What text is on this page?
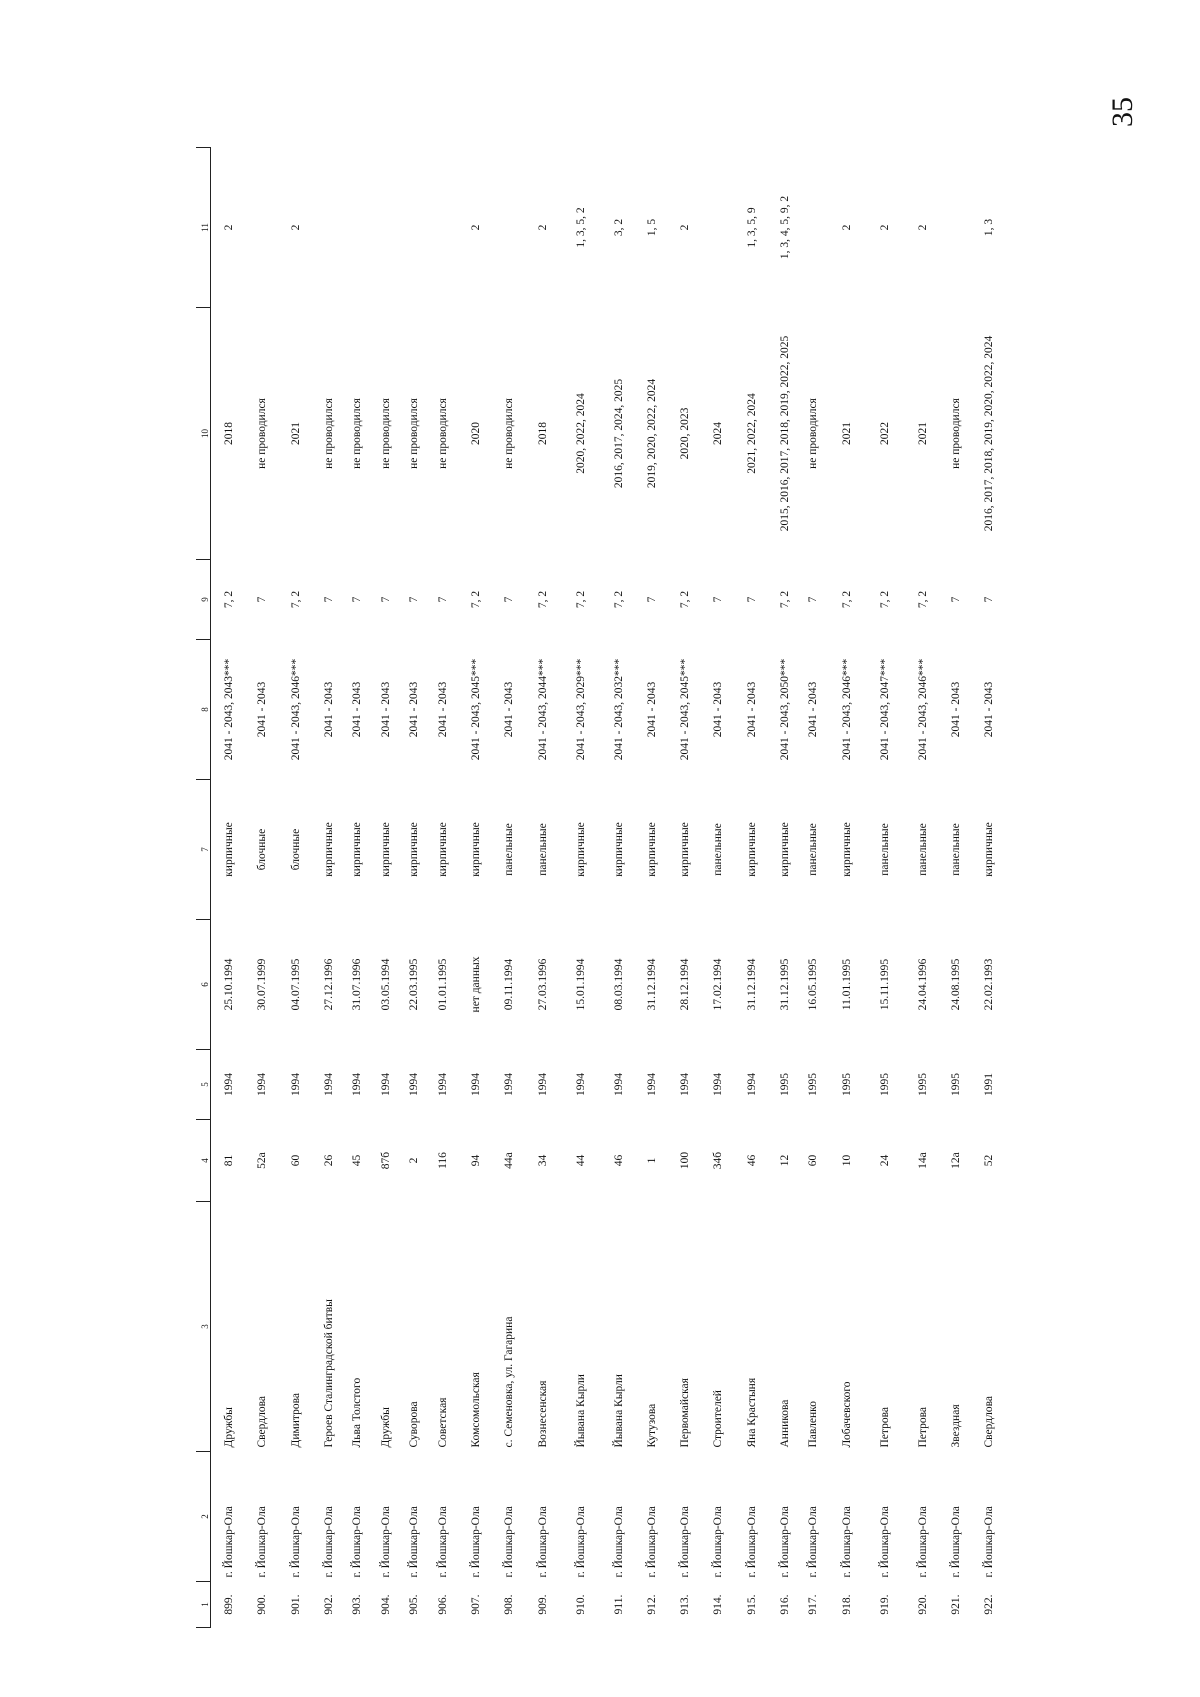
35
1	2	3	4	5	6	7	8	9	10	11
899.	г. Йошкар-Ола	Дружбы	81	1994	25.10.1994	кирпичные	2041 - 2043, 2043***	7, 2	2018	2
900.	г. Йошкар-Ола	Свердлова	52а	1994	30.07.1999	блочные	2041 - 2043	7	не проводился	
901.	г. Йошкар-Ола	Димитрова	60	1994	04.07.1995	блочные	2041 - 2043, 2046***	7, 2	2021	2
902.	г. Йошкар-Ола	Героев Сталинградской битвы	26	1994	27.12.1996	кирпичные	2041 - 2043	7	не проводился	
903.	г. Йошкар-Ола	Льва Толстого	45	1994	31.07.1996	кирпичные	2041 - 2043	7	не проводился	
904.	г. Йошкар-Ола	Дружбы	87б	1994	03.05.1994	кирпичные	2041 - 2043	7	не проводился	
905.	г. Йошкар-Ола	Суворова	2	1994	22.03.1995	кирпичные	2041 - 2043	7	не проводился	
906.	г. Йошкар-Ола	Советская	116	1994	01.01.1995	кирпичные	2041 - 2043	7	не проводился	
907.	г. Йошкар-Ола	Комсомольская	94	1994	нет данных	кирпичные	2041 - 2043, 2045***	7, 2	2020	2
908.	г. Йошкар-Ола	с. Семеновка, ул. Гагарина	44а	1994	09.11.1994	панельные	2041 - 2043	7	не проводился	
909.	г. Йошкар-Ола	Вознесенская	34	1994	27.03.1996	панельные	2041 - 2043, 2044***	7, 2	2018	2
910.	г. Йошкар-Ола	Йывана Кырли	44	1994	15.01.1994	кирпичные	2041 - 2043, 2029***	7, 2	2020, 2022, 2024	1, 3, 5, 2
911.	г. Йошкар-Ола	Йывана Кырли	46	1994	08.03.1994	кирпичные	2041 - 2043, 2032***	7, 2	2016, 2017, 2024, 2025	3, 2
912.	г. Йошкар-Ола	Кутузова	1	1994	31.12.1994	кирпичные	2041 - 2043	7	2019, 2020, 2022, 2024	1, 5
913.	г. Йошкар-Ола	Первомайская	100	1994	28.12.1994	кирпичные	2041 - 2043, 2045***	7, 2	2020, 2023	2
914.	г. Йошкар-Ола	Строителей	34б	1994	17.02.1994	панельные	2041 - 2043	7	2024	
915.	г. Йошкар-Ола	Яна Крастыня	46	1994	31.12.1994	кирпичные	2041 - 2043	7	2021, 2022, 2024	1, 3, 5, 9
916.	г. Йошкар-Ола	Анникова	12	1995	31.12.1995	кирпичные	2041 - 2043, 2050***	7, 2	2015, 2016, 2017, 2018, 2019, 2022, 2025	1, 3, 4, 5, 9, 2
917.	г. Йошкар-Ола	Павленко	60	1995	16.05.1995	панельные	2041 - 2043	7	не проводился	
918.	г. Йошкар-Ола	Лобачевского	10	1995	11.01.1995	кирпичные	2041 - 2043, 2046***	7, 2	2021	2
919.	г. Йошкар-Ола	Петрова	24	1995	15.11.1995	панельные	2041 - 2043, 2047***	7, 2	2022	2
920.	г. Йошкар-Ола	Петрова	14а	1995	24.04.1996	панельные	2041 - 2043, 2046***	7, 2	2021	2
921.	г. Йошкар-Ола	Звездная	12а	1995	24.08.1995	панельные	2041 - 2043	7	не проводился	
922.	г. Йошкар-Ола	Свердлова	52	1991	22.02.1993	кирпичные	2041 - 2043	7	2016, 2017, 2018, 2019, 2020, 2022, 2024	1, 3
